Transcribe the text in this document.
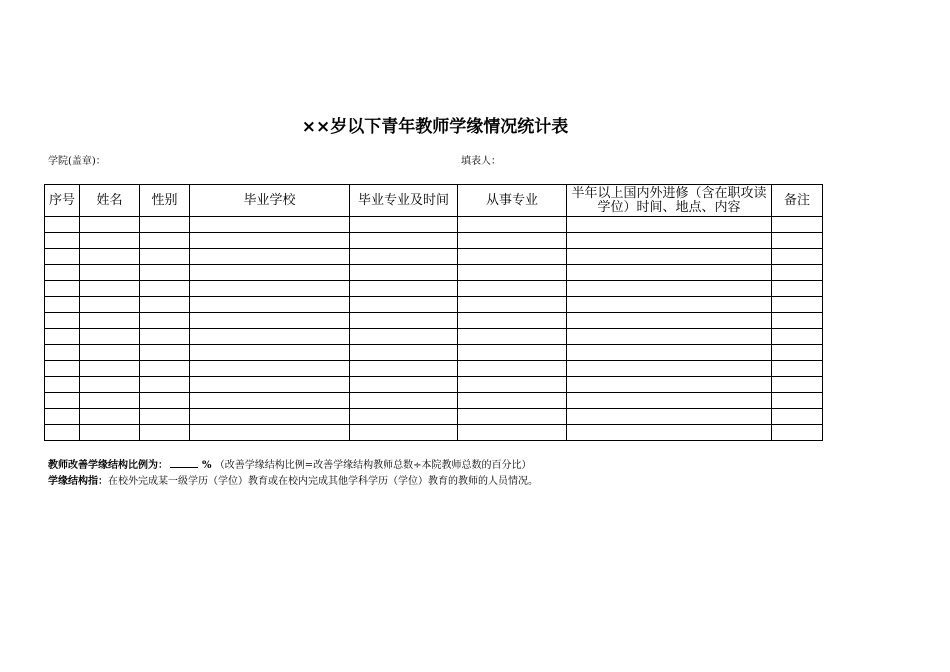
××岁以下青年教师学缘情况统计表
学院(盖章)：	填表人：
序号	姓名	性别	毕业学校	毕业专业及时间	从事专业	半年以上国内外进修（含在职攻读学位）时间、地点、内容	备注

教师改善学缘结构比例为：	% （改善学缘结构比例=改善学缘结构教师总数÷本院教师总数的百分比）
学缘结构指：在校外完成某一级学历（学位）教育或在校内完成其他学科学历（学位）教育的教师的人员情况。
